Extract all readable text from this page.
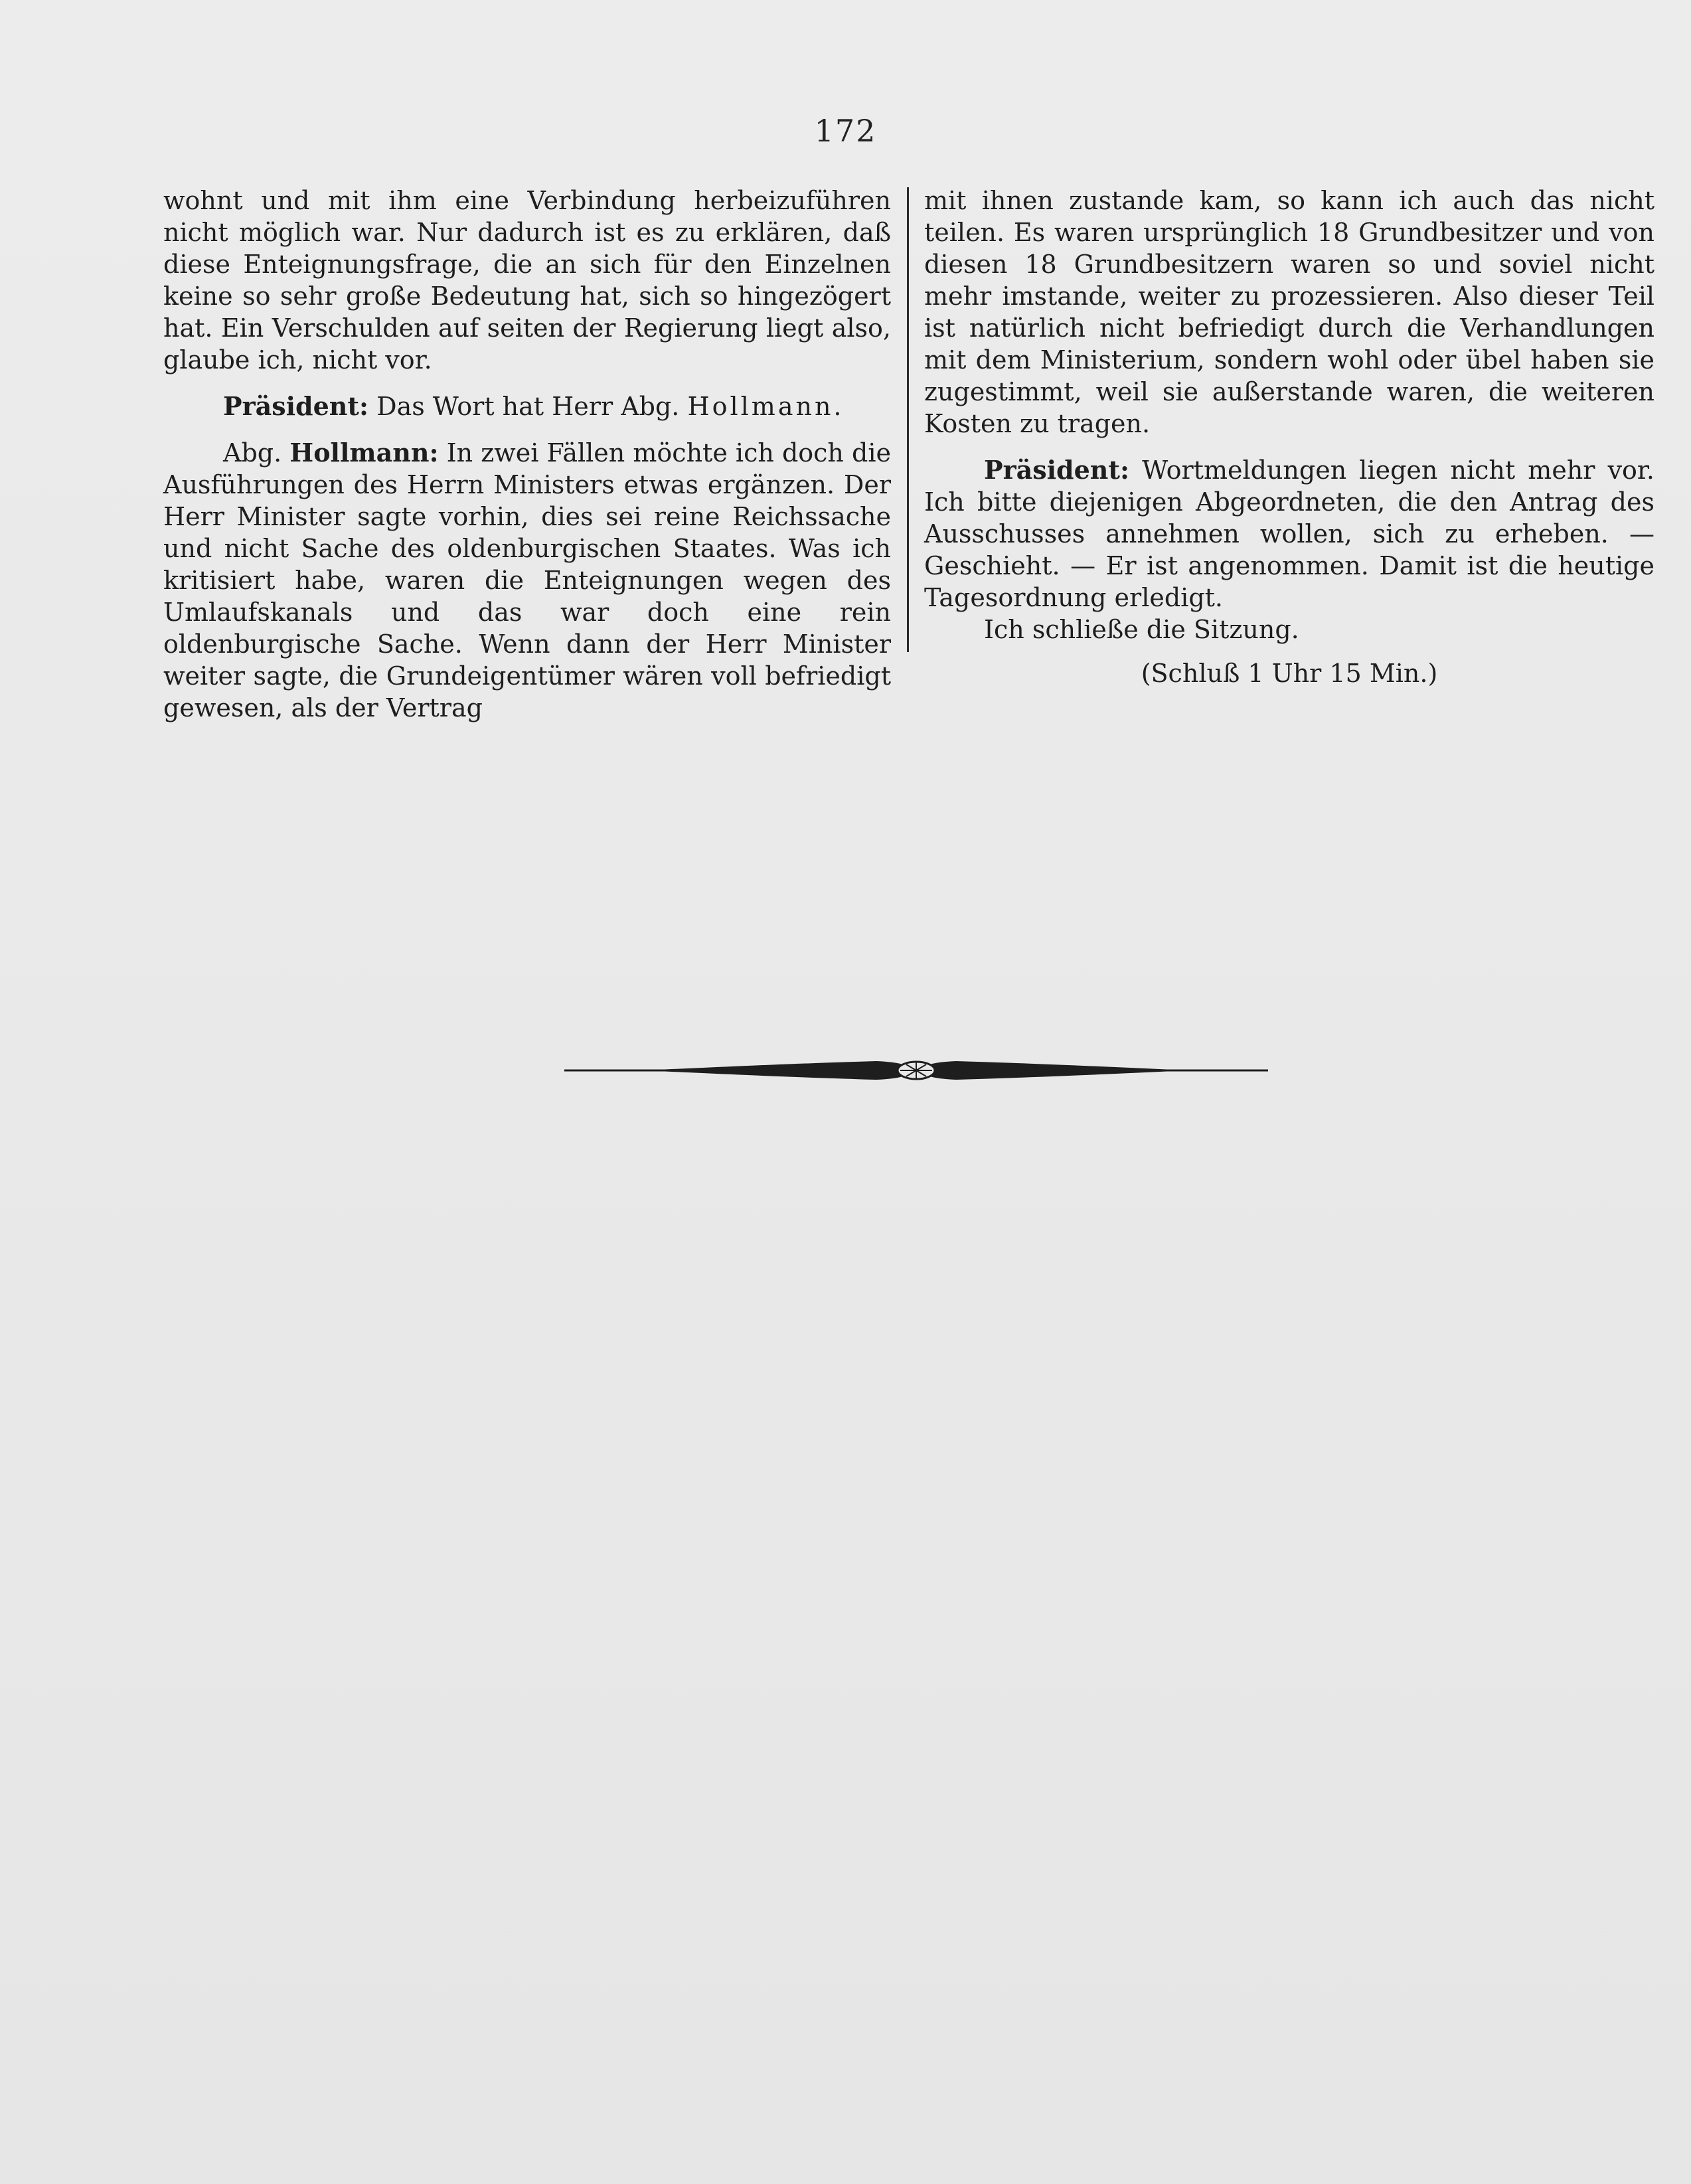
172

wohnt und mit ihm eine Verbindung herbeizuführen nicht möglich war. Nur dadurch ist es zu erklären, daß diese Enteignungsfrage, die an sich für den Einzelnen keine so sehr große Bedeutung hat, sich so hingezögert hat. Ein Verschulden auf seiten der Regierung liegt also, glaube ich, nicht vor.

Präsident: Das Wort hat Herr Abg. Hollmann.

Abg. Hollmann: In zwei Fällen möchte ich doch die Ausführungen des Herrn Ministers etwas ergänzen. Der Herr Minister sagte vorhin, dies sei reine Reichssache und nicht Sache des oldenburgischen Staates. Was ich kritisiert habe, waren die Enteignungen wegen des Umlaufskanals und das war doch eine rein oldenburgische Sache. Wenn dann der Herr Minister weiter sagte, die Grundeigentümer wären voll befriedigt gewesen, als der Vertrag

mit ihnen zustande kam, so kann ich auch das nicht teilen. Es waren ursprünglich 18 Grundbesitzer und von diesen 18 Grundbesitzern waren so und soviel nicht mehr imstande, weiter zu prozessieren. Also dieser Teil ist natürlich nicht befriedigt durch die Verhandlungen mit dem Ministerium, sondern wohl oder übel haben sie zugestimmt, weil sie außerstande waren, die weiteren Kosten zu tragen.

Präsident: Wortmeldungen liegen nicht mehr vor. Ich bitte diejenigen Abgeordneten, die den Antrag des Ausschusses annehmen wollen, sich zu erheben. — Geschieht. — Er ist angenommen. Damit ist die heutige Tagesordnung erledigt.

Ich schließe die Sitzung.

(Schluß 1 Uhr 15 Min.)
